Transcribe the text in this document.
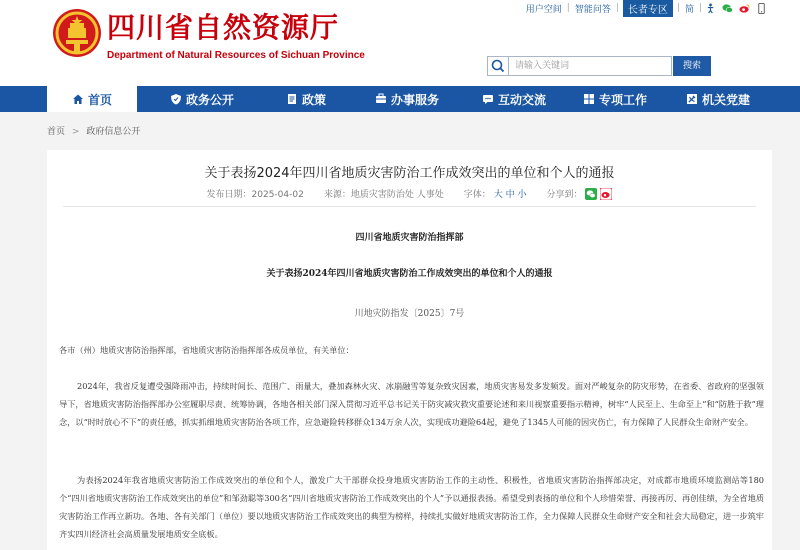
四川省自然资源厅
Department of Natural Resources of Sichuan Province
用户空间 | 智能问答 | 长者专区	| 简 |
请输入关键词
搜索
首页	政务公开	政策	办事服务	互动交流	专项工作	机关党建
首页 > 政府信息公开
关于表扬2024年四川省地质灾害防治工作成效突出的单位和个人的通报
发布日期：2025-04-02 来源：地质灾害防治处 人事处 字体： 大 中 小 分享到：
四川省地质灾害防治指挥部
关于表扬2024年四川省地质灾害防治工作成效突出的单位和个人的通报
川地灾防指发〔2025〕7号
各市（州）地质灾害防治指挥部，省地质灾害防治指挥部各成员单位，有关单位：
2024年，我省反复遭受强降雨冲击，持续时间长、范围广、雨量大，叠加森林火灾、冰崩融雪等复杂致灾因素，地质灾害易发多发频发。面对严峻复杂的防灾形势，在省委、省政府的坚强领导下，省地质灾害防治指挥部办公室履职尽责、统筹协调，各地各相关部门深入贯彻习近平总书记关于防灾减灾救灾重要论述和来川视察重要指示精神，树牢“人民至上、生命至上”和“防胜于救”理念，以“时时放心不下”的责任感，抓实抓细地质灾害防治各项工作，应急避险转移群众134万余人次，实现成功避险64起，避免了1345人可能的因灾伤亡，有力保障了人民群众生命财产安全。
为表扬2024年我省地质灾害防治工作成效突出的单位和个人，激发广大干部群众投身地质灾害防治工作的主动性、积极性，省地质灾害防治指挥部决定，对成都市地质环境监测站等180个“四川省地质灾害防治工作成效突出的单位”和邹劲聪等300名“四川省地质灾害防治工作成效突出的个人”予以通报表扬。希望受到表扬的单位和个人珍惜荣誉、再接再厉、再创佳绩，为全省地质灾害防治工作再立新功。各地、各有关部门（单位）要以地质灾害防治工作成效突出的典型为榜样，持续扎实做好地质灾害防治工作，全力保障人民群众生命财产安全和社会大局稳定，进一步筑牢齐实四川经济社会高质量发展地质安全底板。
